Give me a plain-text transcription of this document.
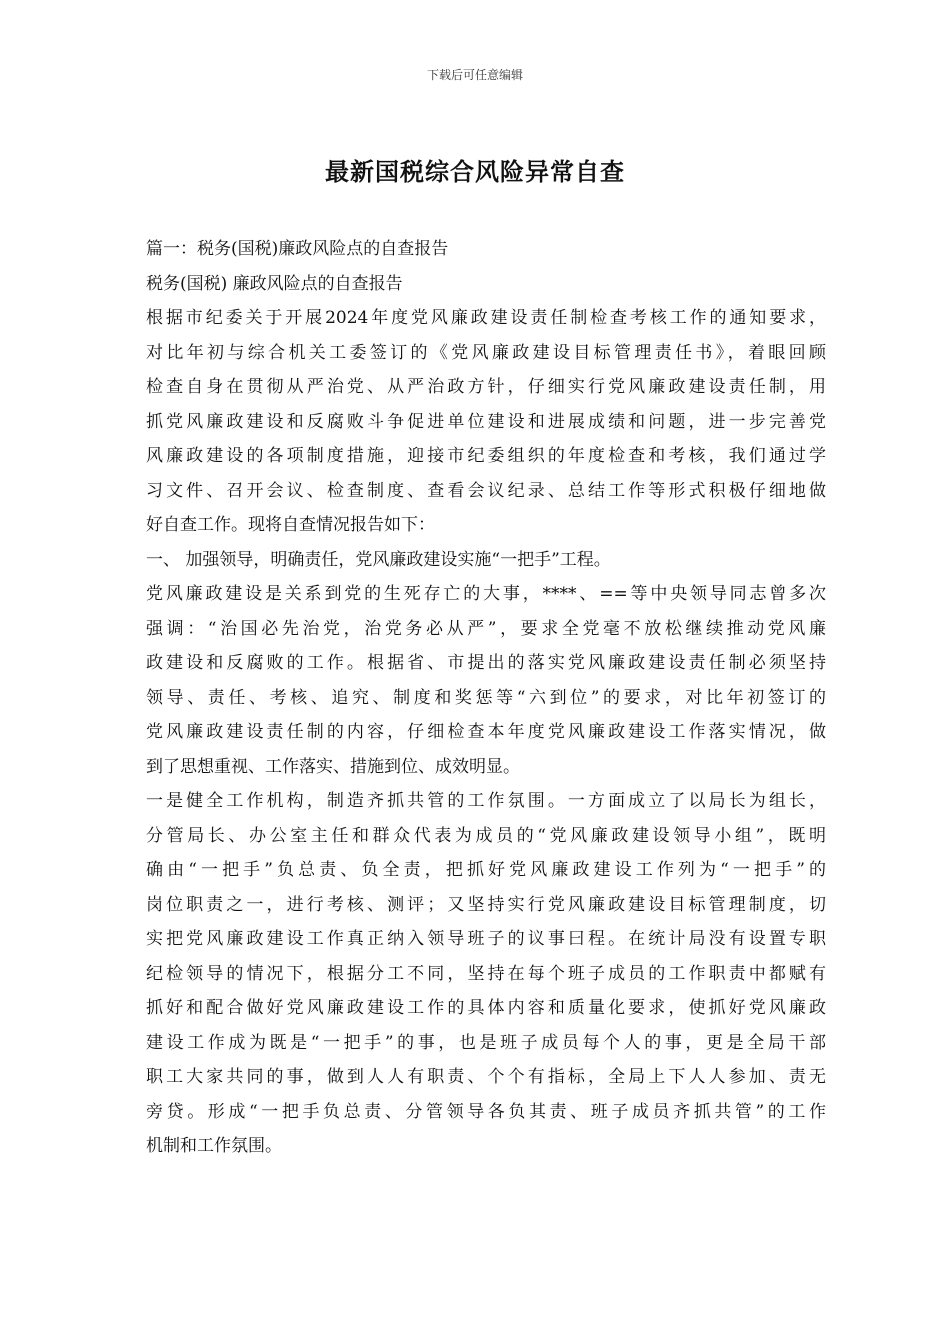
下载后可任意编辑
最新国税综合风险异常自查
篇一：税务(国税)廉政风险点的自查报告
税务(国税) 廉政风险点的自查报告
根据市纪委关于开展2024年度党风廉政建设责任制检查考核工作的通知要求，
对比年初与综合机关工委签订的《党风廉政建设目标管理责任书》，着眼回顾
检查自身在贯彻从严治党、从严治政方针，仔细实行党风廉政建设责任制，用
抓党风廉政建设和反腐败斗争促进单位建设和进展成绩和问题，进一步完善党
风廉政建设的各项制度措施，迎接市纪委组织的年度检查和考核，我们通过学
习文件、召开会议、检查制度、查看会议纪录、总结工作等形式积极仔细地做
好自查工作。现将自查情况报告如下：
一、 加强领导，明确责任，党风廉政建设实施“一把手”工程。
党风廉政建设是关系到党的生死存亡的大事，****、==等中央领导同志曾多次
强调：“治国必先治党，治党务必从严”，要求全党毫不放松继续推动党风廉
政建设和反腐败的工作。根据省、市提出的落实党风廉政建设责任制必须坚持
领导、责任、考核、追究、制度和奖惩等“六到位”的要求，对比年初签订的
党风廉政建设责任制的内容，仔细检查本年度党风廉政建设工作落实情况，做
到了思想重视、工作落实、措施到位、成效明显。
一是健全工作机构，制造齐抓共管的工作氛围。一方面成立了以局长为组长，
分管局长、办公室主任和群众代表为成员的“党风廉政建设领导小组”，既明
确由“一把手”负总责、负全责，把抓好党风廉政建设工作列为“一把手”的
岗位职责之一，进行考核、测评；又坚持实行党风廉政建设目标管理制度，切
实把党风廉政建设工作真正纳入领导班子的议事曰程。在统计局没有设置专职
纪检领导的情况下，根据分工不同，坚持在每个班子成员的工作职责中都赋有
抓好和配合做好党风廉政建设工作的具体内容和质量化要求，使抓好党风廉政
建设工作成为既是“一把手”的事，也是班子成员每个人的事，更是全局干部
职工大家共同的事，做到人人有职责、个个有指标，全局上下人人参加、责无
旁贷。形成“一把手负总责、分管领导各负其责、班子成员齐抓共管”的工作
机制和工作氛围。
